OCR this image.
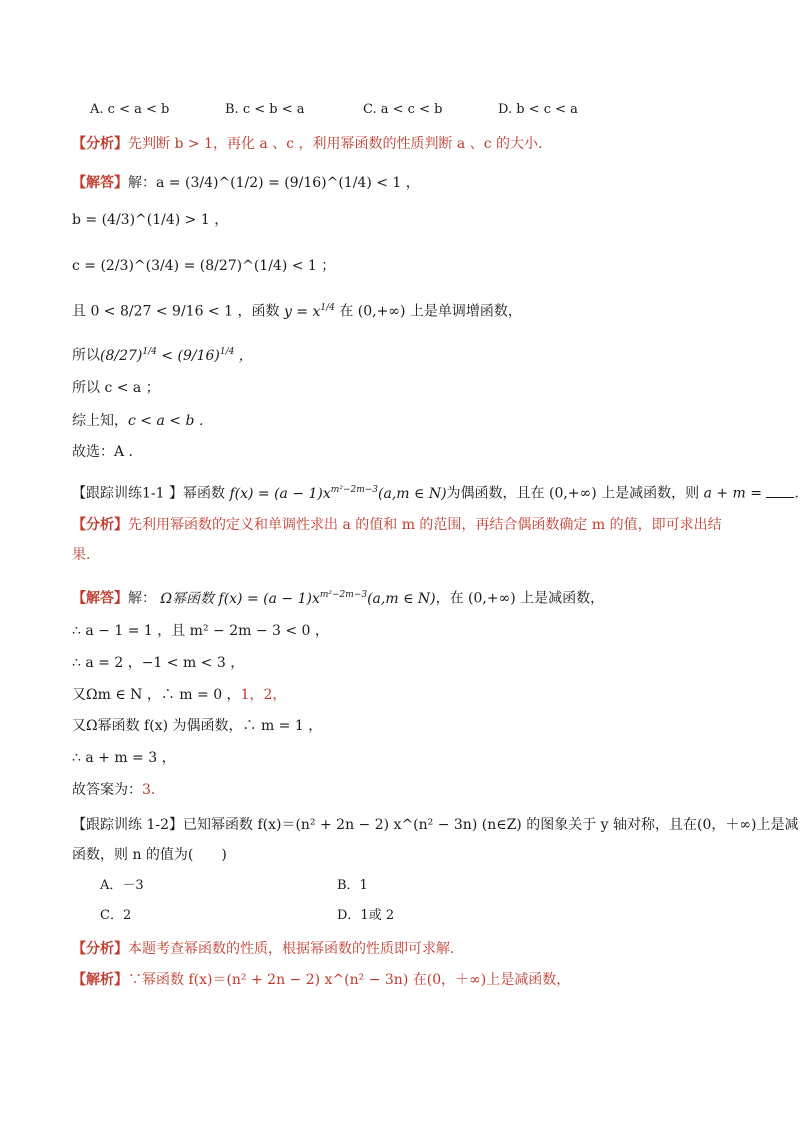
A. c < a < b	B. c < b < a	C. a < c < b	D. b < c < a
【分析】先判断 b > 1，再化 a 、c ，利用幂函数的性质判断 a 、c 的大小．
【解答】解：a = (3/4)^(1/2) = (9/16)^(1/4) < 1 ，
b = (4/3)^(1/4) > 1 ，
c = (2/3)^(3/4) = (8/27)^(1/4) < 1 ；
且 0 < 8/27 < 9/16 < 1 ，函数 y = x1/4 在 (0,+∞) 上是单调增函数，
所以(8/27)1/4 < (9/16)1/4 ，
所以 c < a ；
综上知，c < a < b ．
故选：A ．
【跟踪训练1-1 】幂函数 f(x) = (a − 1)xm²−2m−3(a,m ∈ N)为偶函数，且在 (0,+∞) 上是减函数，则 a + m = ．
【分析】先利用幂函数的定义和单调性求出 a 的值和 m 的范围，再结合偶函数确定 m 的值，即可求出结
果．
【解答】解： Ω幂函数 f(x) = (a − 1)xm²−2m−3(a,m ∈ N)，在 (0,+∞) 上是减函数，
∴ a − 1 = 1 ，且 m² − 2m − 3 < 0 ，
∴ a = 2 ，−1 < m < 3 ，
又Ωm ∈ N ，∴ m = 0 ，1，2，
又Ω幂函数 f(x) 为偶函数，∴ m = 1 ，
∴ a + m = 3 ，
故答案为：3．
【跟踪训练 1-2】已知幂函数 f(x)＝(n² + 2n − 2) x^(n² − 3n) (n∈Z) 的图象关于 y 轴对称，且在(0，＋∞)上是减
函数，则 n 的值为(　　)
A．－3	B．1
C．2	D．1或 2
【分析】本题考查幂函数的性质，根据幂函数的性质即可求解．
【解析】∵幂函数 f(x)＝(n² + 2n − 2) x^(n² − 3n) 在(0，＋∞)上是减函数，
